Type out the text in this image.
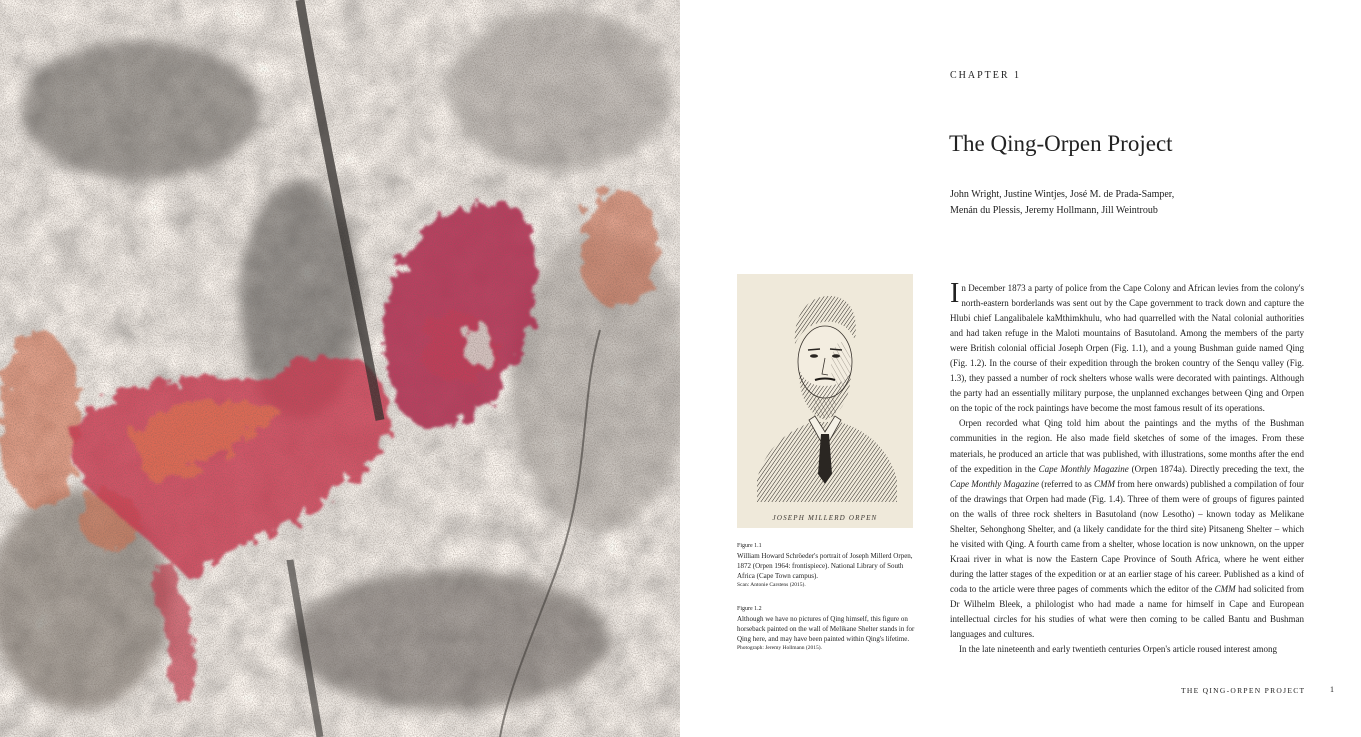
CHAPTER 1
The Qing-Orpen Project
John Wright, Justine Wintjes, José M. de Prada-Samper,
Menán du Plessis, Jeremy Hollmann, Jill Weintroub
JOSEPH MILLERD ORPEN
Figure 1.1
William Howard Schröeder's portrait of Joseph Millerd Orpen, 1872 (Orpen 1964: frontispiece). National Library of South Africa (Cape Town campus).
Scan: Antonie Carstens (2015).
Figure 1.2
Although we have no pictures of Qing himself, this figure on horseback painted on the wall of Melikane Shelter stands in for Qing here, and may have been painted within Qing's lifetime.
Photograph: Jeremy Hollmann (2015).

In December 1873 a party of police from the Cape Colony and African levies from the colony's north-eastern borderlands was sent out by the Cape government to track down and capture the Hlubi chief Langalibalele kaMthimkhulu, who had quarrelled with the Natal colonial authorities and had taken refuge in the Maloti mountains of Basutoland. Among the members of the party were British colonial official Joseph Orpen (Fig. 1.1), and a young Bushman guide named Qing (Fig. 1.2). In the course of their expedition through the broken country of the Senqu valley (Fig. 1.3), they passed a number of rock shelters whose walls were decorated with paintings. Although the party had an essentially military purpose, the unplanned exchanges between Qing and Orpen on the topic of the rock paintings have become the most famous result of its operations.

Orpen recorded what Qing told him about the paintings and the myths of the Bushman communities in the region. He also made field sketches of some of the images. From these materials, he produced an article that was published, with illustrations, some months after the end of the expedition in the Cape Monthly Magazine (Orpen 1874a). Directly preceding the text, the Cape Monthly Magazine (referred to as CMM from here onwards) published a compilation of four of the drawings that Orpen had made (Fig. 1.4). Three of them were of groups of figures painted on the walls of three rock shelters in Basutoland (now Lesotho) – known today as Melikane Shelter, Sehonghong Shelter, and (a likely candidate for the third site) Pitsaneng Shelter – which he visited with Qing. A fourth came from a shelter, whose location is now unknown, on the upper Kraai river in what is now the Eastern Cape Province of South Africa, where he went either during the latter stages of the expedition or at an earlier stage of his career. Published as a kind of coda to the article were three pages of comments which the editor of the CMM had solicited from Dr Wilhelm Bleek, a philologist who had made a name for himself in Cape and European intellectual circles for his studies of what were then coming to be called Bantu and Bushman languages and cultures.

In the late nineteenth and early twentieth centuries Orpen's article roused interest among

THE QING-ORPEN PROJECT	1
